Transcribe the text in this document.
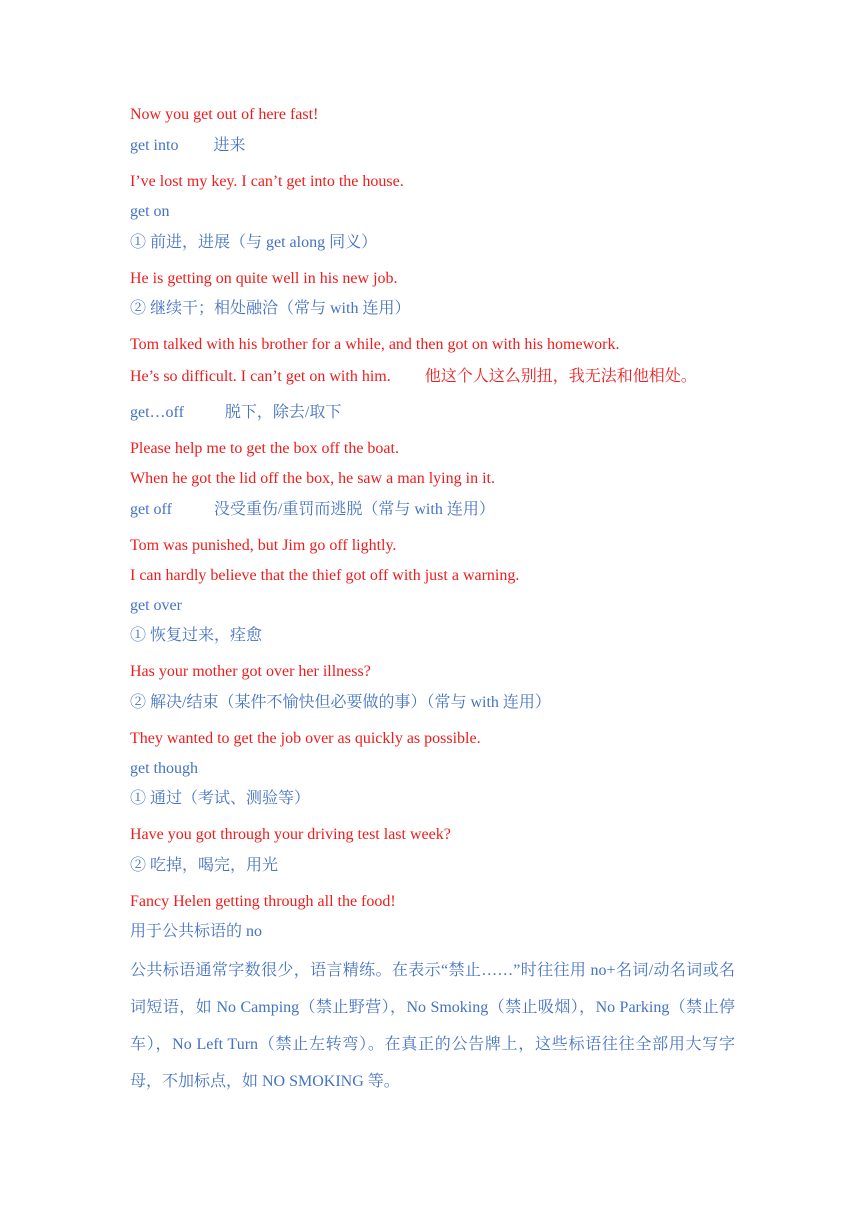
Now you get out of here fast!
get into 进来
I’ve lost my key. I can’t get into the house.
get on
① 前进，进展（与 get along 同义）
He is getting on quite well in his new job.
② 继续干；相处融洽（常与 with 连用）
Tom talked with his brother for a while, and then got on with his homework.
He’s so difficult. I can’t get on with him. 他这个人这么别扭，我无法和他相处。
get…off	脱下，除去/取下
Please help me to get the box off the boat.
When he got the lid off the box, he saw a man lying in it.
get off	没受重伤/重罚而逃脱（常与 with 连用）
Tom was punished, but Jim go off lightly.
I can hardly believe that the thief got off with just a warning.
get over
① 恢复过来，痊愈
Has your mother got over her illness?
② 解决/结束（某件不愉快但必要做的事）（常与 with 连用）
They wanted to get the job over as quickly as possible.
get though
① 通过（考试、测验等）
Have you got through your driving test last week?
② 吃掉，喝完，用光
Fancy Helen getting through all the food!
用于公共标语的 no
公共标语通常字数很少，语言精练。在表示“禁止……”时往往用 no+名词/动名词或名词短语，如 No Camping（禁止野营），No Smoking（禁止吸烟），No Parking（禁止停车），No Left Turn（禁止左转弯）。在真正的公告牌上，这些标语往往全部用大写字母，不加标点，如 NO SMOKING 等。
